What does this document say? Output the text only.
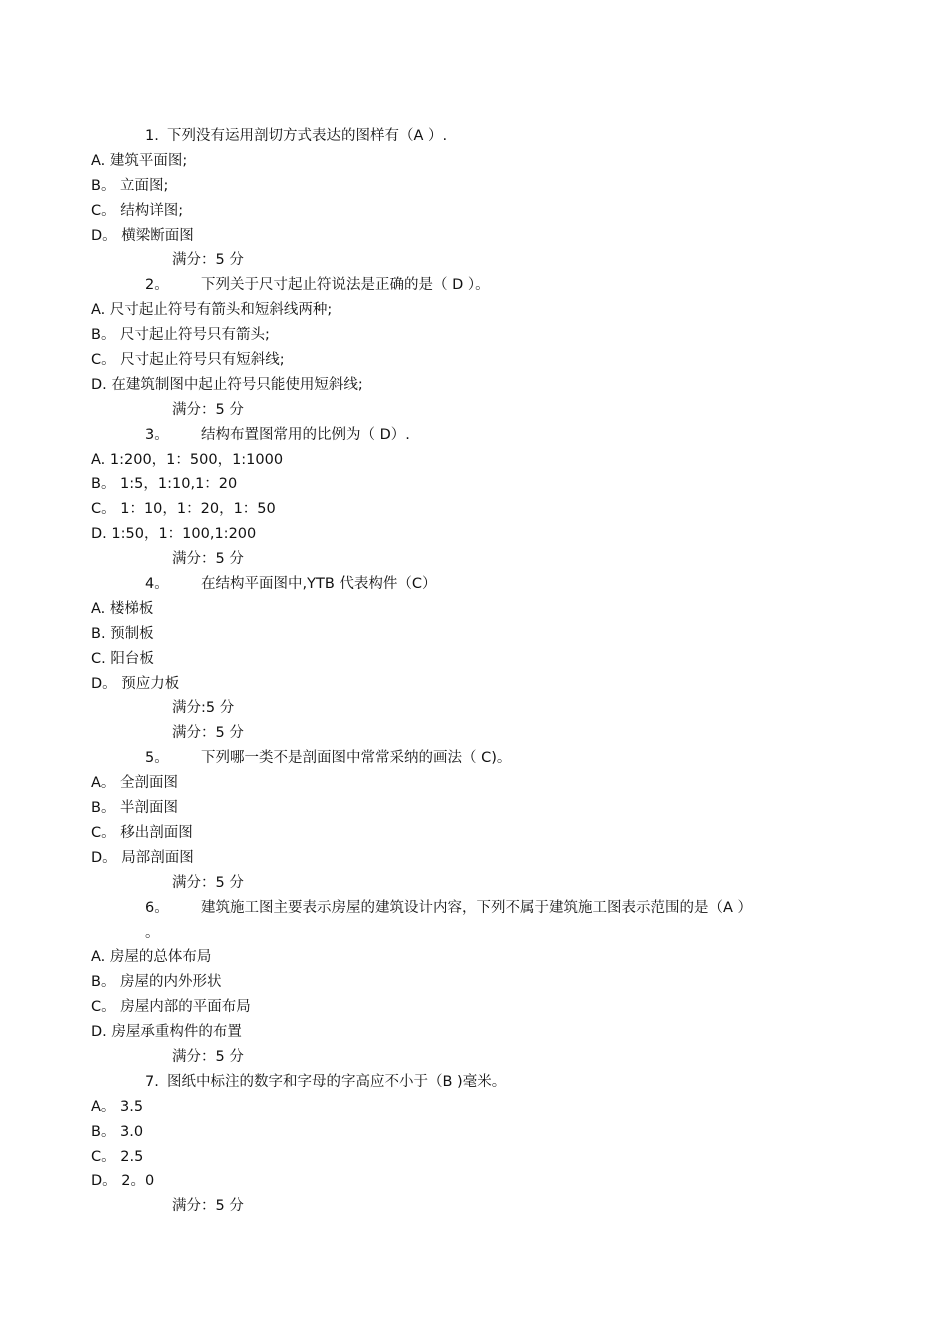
1. 下列没有运用剖切方式表达的图样有（A ）.
A. 建筑平面图;
B。 立面图;
C。 结构详图;
D。 横梁断面图
满分：5 分
2。 下列关于尺寸起止符说法是正确的是（ D ）。
A. 尺寸起止符号有箭头和短斜线两种;
B。 尺寸起止符号只有箭头;
C。 尺寸起止符号只有短斜线;
D. 在建筑制图中起止符号只能使用短斜线;
满分：5 分
3。 结构布置图常用的比例为（ D）.
A. 1:200，1：500，1:1000
B。 1:5，1:10,1：20
C。 1：10，1：20，1：50
D. 1:50，1：100,1:200
满分：5 分
4。 在结构平面图中,YTB 代表构件（C）
A. 楼梯板
B. 预制板
C. 阳台板
D。 预应力板
满分:5 分
满分：5 分
5。 下列哪一类不是剖面图中常常采纳的画法（ C)。
A。 全剖面图
B。 半剖面图
C。 移出剖面图
D。 局部剖面图
满分：5 分
6。 建筑施工图主要表示房屋的建筑设计内容，下列不属于建筑施工图表示范围的是（A ）
。
A. 房屋的总体布局
B。 房屋的内外形状
C。 房屋内部的平面布局
D. 房屋承重构件的布置
满分：5 分
7. 图纸中标注的数字和字母的字高应不小于（B )毫米。
A。 3.5
B。 3.0
C。 2.5
D。 2。0
满分：5 分
